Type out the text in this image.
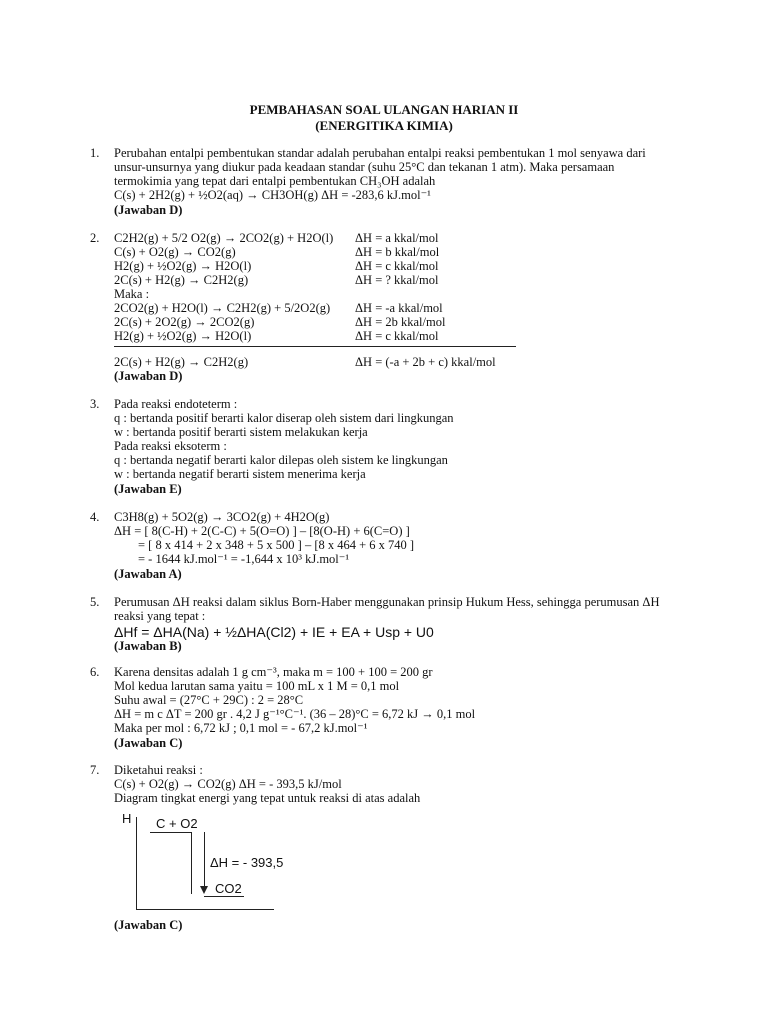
PEMBAHASAN SOAL ULANGAN HARIAN II
(ENERGITIKA KIMIA)
1. Perubahan entalpi pembentukan standar adalah perubahan entalpi reaksi pembentukan 1 mol senyawa dari
unsur-unsurnya yang diukur pada keadaan standar (suhu 25°C dan tekanan 1 atm). Maka persamaan
termokimia yang tepat dari entalpi pembentukan CH₃OH adalah
C(s) + 2H2(g) + ½O2(aq) → CH3OH(g) ΔH = -283,6 kJ.mol⁻¹
(Jawaban D)
2. C2H2(g) + 5/2 O2(g) → 2CO2(g) + H2O(l) ΔH = a kkal/mol
C(s) + O2(g) → CO2(g)	ΔH = b kkal/mol
H2(g) + ½O2(g) → H2O(l)	ΔH = c kkal/mol
2C(s) + H2(g) → C2H2(g)	ΔH = ? kkal/mol
Maka :
2CO2(g) + H2O(l) → C2H2(g) + 5/2O2(g) ΔH = -a kkal/mol
2C(s) + 2O2(g) → 2CO2(g)	ΔH = 2b kkal/mol
H2(g) + ½O2(g) → H2O(l)	ΔH = c kkal/mol
2C(s) + H2(g) → C2H2(g)	ΔH = (-a + 2b + c) kkal/mol
(Jawaban D)
3. Pada reaksi endoteterm :
q : bertanda positif berarti kalor diserap oleh sistem dari lingkungan
w : bertanda positif berarti sistem melakukan kerja
Pada reaksi eksoterm :
q : bertanda negatif berarti kalor dilepas oleh sistem ke lingkungan
w : bertanda negatif berarti sistem menerima kerja
(Jawaban E)
4. C3H8(g) + 5O2(g) → 3CO2(g) + 4H2O(g)
ΔH = [ 8(C-H) + 2(C-C) + 5(O=O) ] – [8(O-H) + 6(C=O) ]
= [ 8 x 414 + 2 x 348 + 5 x 500 ] – [8 x 464 + 6 x 740 ]
= - 1644 kJ.mol⁻¹ = -1,644 x 10³ kJ.mol⁻¹
(Jawaban A)
5. Perumusan ΔH reaksi dalam siklus Born-Haber menggunakan prinsip Hukum Hess, sehingga perumusan ΔH
reaksi yang tepat :
ΔHf = ΔHA(Na) + ½ΔHA(Cl2) + IE + EA + Usp + U0
(Jawaban B)
6. Karena densitas adalah 1 g cm⁻³, maka m = 100 + 100 = 200 gr
Mol kedua larutan sama yaitu = 100 mL x 1 M = 0,1 mol
Suhu awal = (27°C + 29C) : 2 = 28°C
ΔH = m c ΔT = 200 gr . 4,2 J g⁻¹°C⁻¹. (36 – 28)°C = 6,72 kJ → 0,1 mol
Maka per mol : 6,72 kJ ; 0,1 mol = - 67,2 kJ.mol⁻¹
(Jawaban C)
7. Diketahui reaksi :
C(s) + O2(g) → CO2(g) ΔH = - 393,5 kJ/mol
Diagram tingkat energi yang tepat untuk reaksi di atas adalah
H C + O2
ΔH = - 393,5
CO2
(Jawaban C)
